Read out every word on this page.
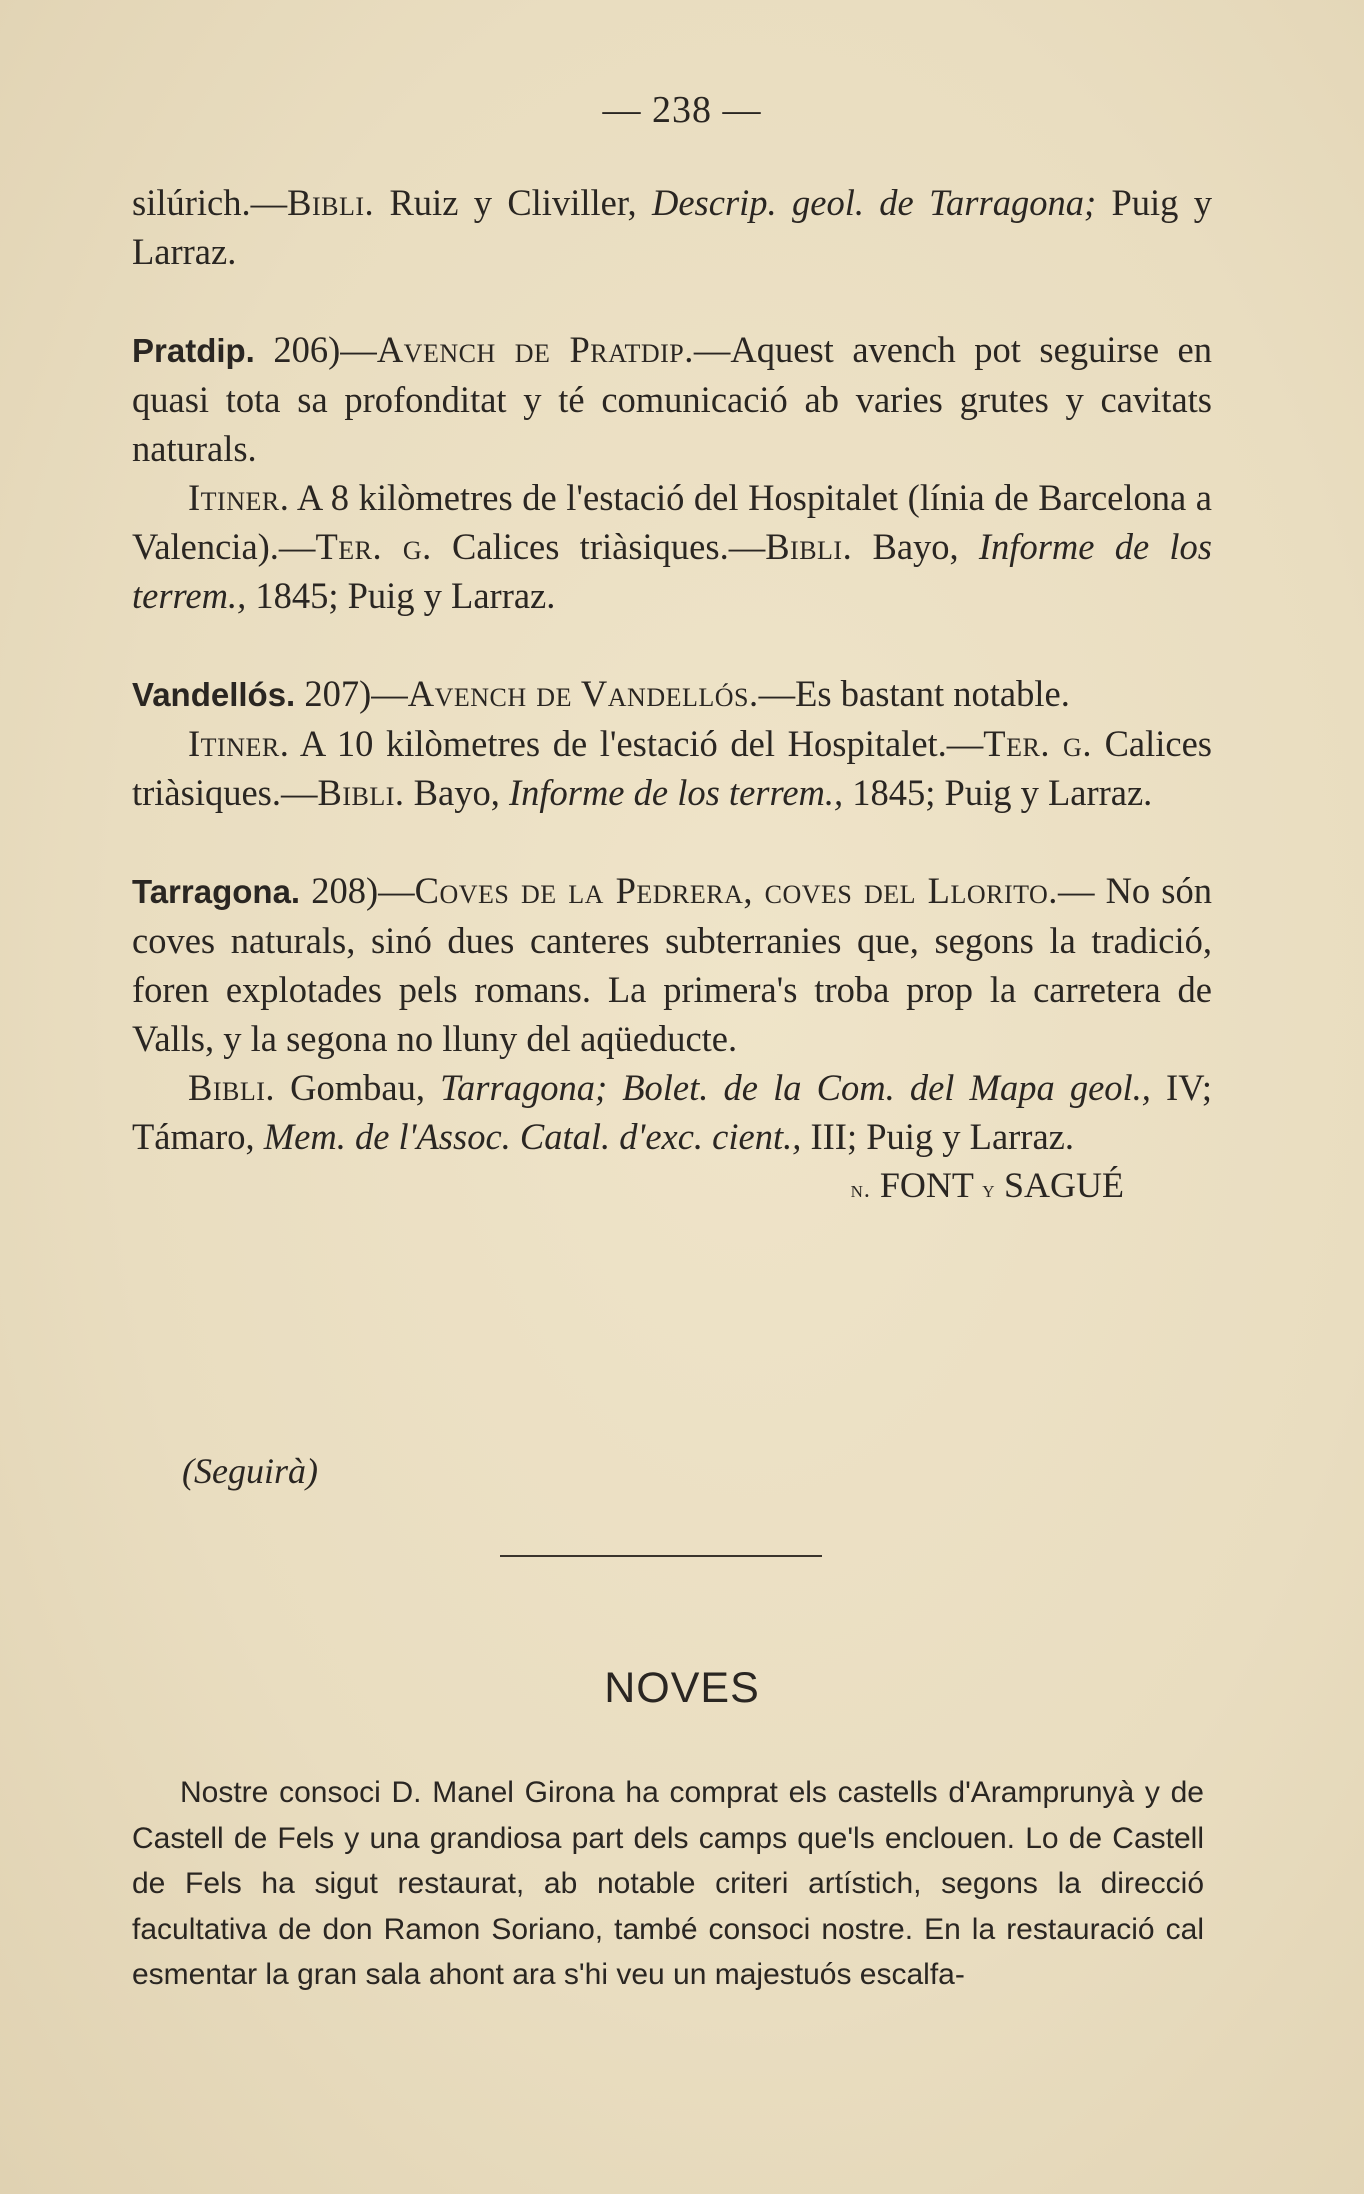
— 238 —

silúrich.—Bibli. Ruiz y Cliviller, Descrip. geol. de Tarragona; Puig y Larraz.

Pratdip. 206)—Avench de Pratdip.—Aquest avench pot seguirse en quasi tota sa profonditat y té comunicació ab varies grutes y cavitats naturals.

Itiner. A 8 kilòmetres de l'estació del Hospitalet (línia de Barcelona a Valencia).—Ter. g. Calices triàsiques.—Bibli. Bayo, Informe de los terrem., 1845; Puig y Larraz.

Vandellós. 207)—Avench de Vandellós.—Es bastant notable.

Itiner. A 10 kilòmetres de l'estació del Hospitalet.—Ter. g. Calices triàsiques.—Bibli. Bayo, Informe de los terrem., 1845; Puig y Larraz.

Tarragona. 208)—Coves de la Pedrera, coves del Llorito.— No són coves naturals, sinó dues canteres subterranies que, segons la tradició, foren explotades pels romans. La primera's troba prop la carretera de Valls, y la segona no lluny del aqüeducte.

Bibli. Gombau, Tarragona; Bolet. de la Com. del Mapa geol., IV; Támaro, Mem. de l'Assoc. Catal. d'exc. cient., III; Puig y Larraz.

n. FONT y SAGUÉ

(Seguirà)
NOVES

Nostre consoci D. Manel Girona ha comprat els castells d'Aramprunyà y de Castell de Fels y una grandiosa part dels camps que'ls enclouen. Lo de Castell de Fels ha sigut restaurat, ab notable criteri artístich, segons la direcció facultativa de don Ramon Soriano, també consoci nostre. En la restauració cal esmentar la gran sala ahont ara s'hi veu un majestuós escalfa-
